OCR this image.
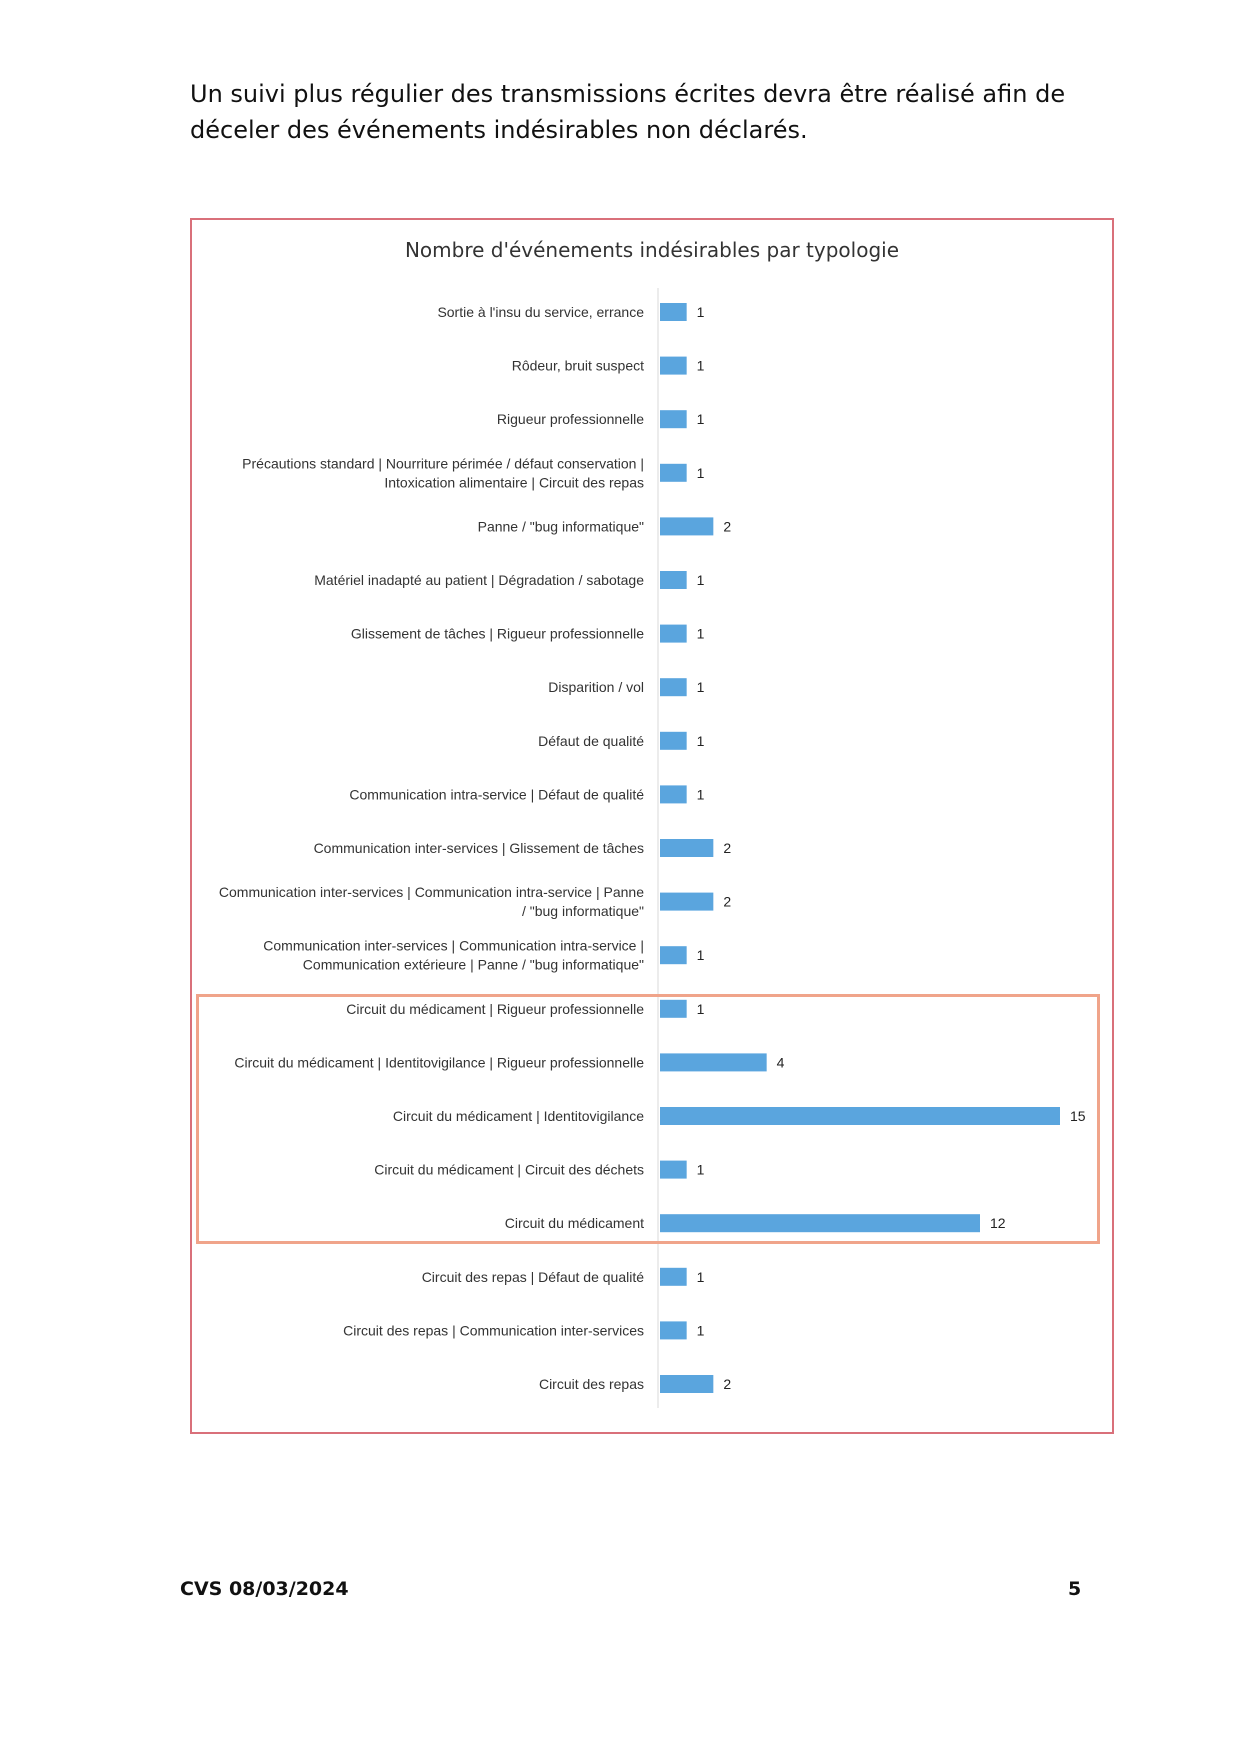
Un suivi plus régulier des transmissions écrites devra être réalisé afin de déceler des événements indésirables non déclarés.
Nombre d'événements indésirables par typologie
Sortie à l'insu du service, errance	1
Rôdeur, bruit suspect	1
Rigueur professionnelle	1
Précautions standard | Nourriture périmée / défaut conservation |
Intoxication alimentaire | Circuit des repas
1
Panne / "bug informatique"	2
Matériel inadapté au patient | Dégradation / sabotage	1
Glissement de tâches | Rigueur professionnelle	1
Disparition / vol	1
Défaut de qualité	1
Communication intra-service | Défaut de qualité	1
Communication inter-services | Glissement de tâches	2
Communication inter-services | Communication intra-service | Panne
/ "bug informatique"
2
Communication inter-services | Communication intra-service |
Communication extérieure | Panne / "bug informatique"
1
Circuit du médicament | Rigueur professionnelle	1
Circuit du médicament | Identitovigilance | Rigueur professionnelle	4
Circuit du médicament | Identitovigilance	15
Circuit du médicament | Circuit des déchets	1
Circuit du médicament	12
Circuit des repas | Défaut de qualité	1
Circuit des repas | Communication inter-services	1
Circuit des repas	2
CVS 08/03/2024	5
